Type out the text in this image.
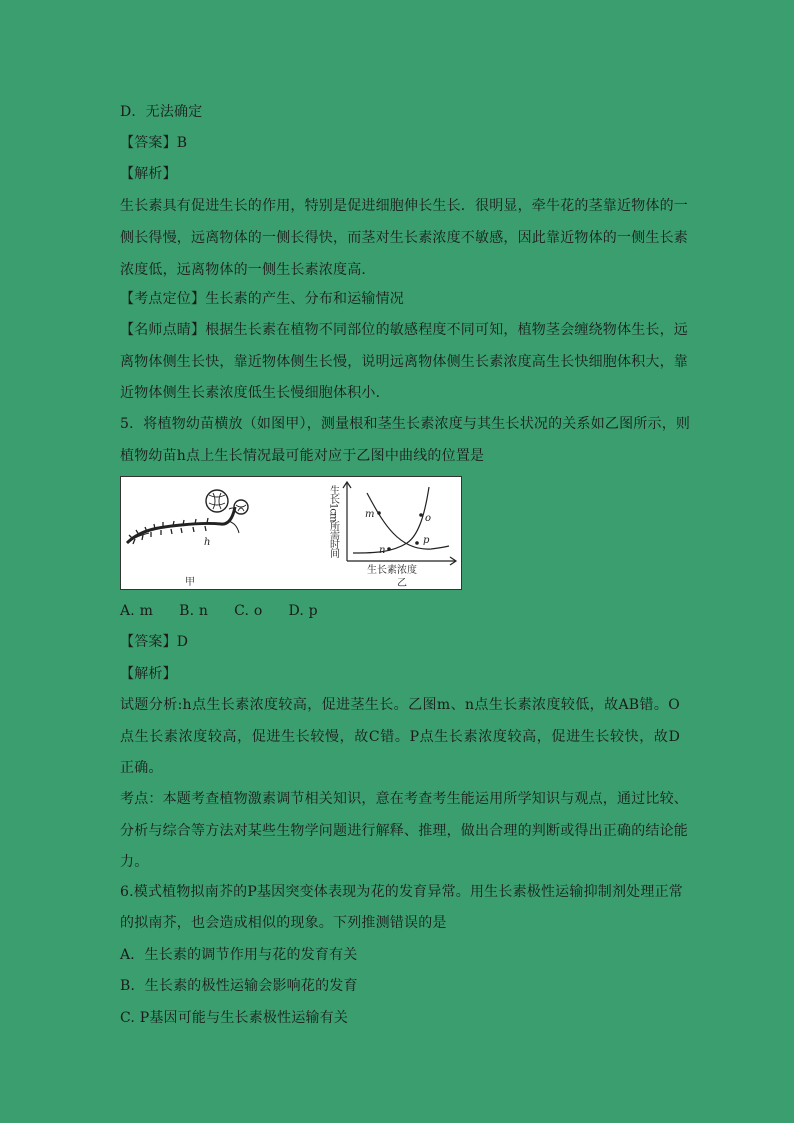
D．无法确定
【答案】B
【解析】
生长素具有促进生长的作用，特别是促进细胞伸长生长．很明显，牵牛花的茎靠近物体的一
侧长得慢，远离物体的一侧长得快，而茎对生长素浓度不敏感，因此靠近物体的一侧生长素
浓度低，远离物体的一侧生长素浓度高．
【考点定位】生长素的产生、分布和运输情况
【名师点睛】根据生长素在植物不同部位的敏感程度不同可知，植物茎会缠绕物体生长，远
离物体侧生长快，靠近物体侧生长慢，说明远离物体侧生长素浓度高生长快细胞体积大，靠
近物体侧生长素浓度低生长慢细胞体积小．
5．将植物幼苗横放（如图甲），测量根和茎生长素浓度与其生长状况的关系如乙图所示，则
植物幼苗h点上生长情况最可能对应于乙图中曲线的位置是
h
甲
m
n
o
p
生长1cm所需时间
生长素浓度
乙
A. m B. n C. o D. p
【答案】D
【解析】
试题分析:h点生长素浓度较高，促进茎生长。乙图m、n点生长素浓度较低，故AB错。O
点生长素浓度较高，促进生长较慢，故C错。P点生长素浓度较高，促进生长较快，故D
正确。
考点：本题考查植物激素调节相关知识，意在考查考生能运用所学知识与观点，通过比较、
分析与综合等方法对某些生物学问题进行解释、推理，做出合理的判断或得出正确的结论能
力。
6.模式植物拟南芥的P基因突变体表现为花的发育异常。用生长素极性运输抑制剂处理正常
的拟南芥，也会造成相似的现象。下列推测错误的是
A．生长素的调节作用与花的发育有关
B．生长素的极性运输会影响花的发育
C. P基因可能与生长素极性运输有关
